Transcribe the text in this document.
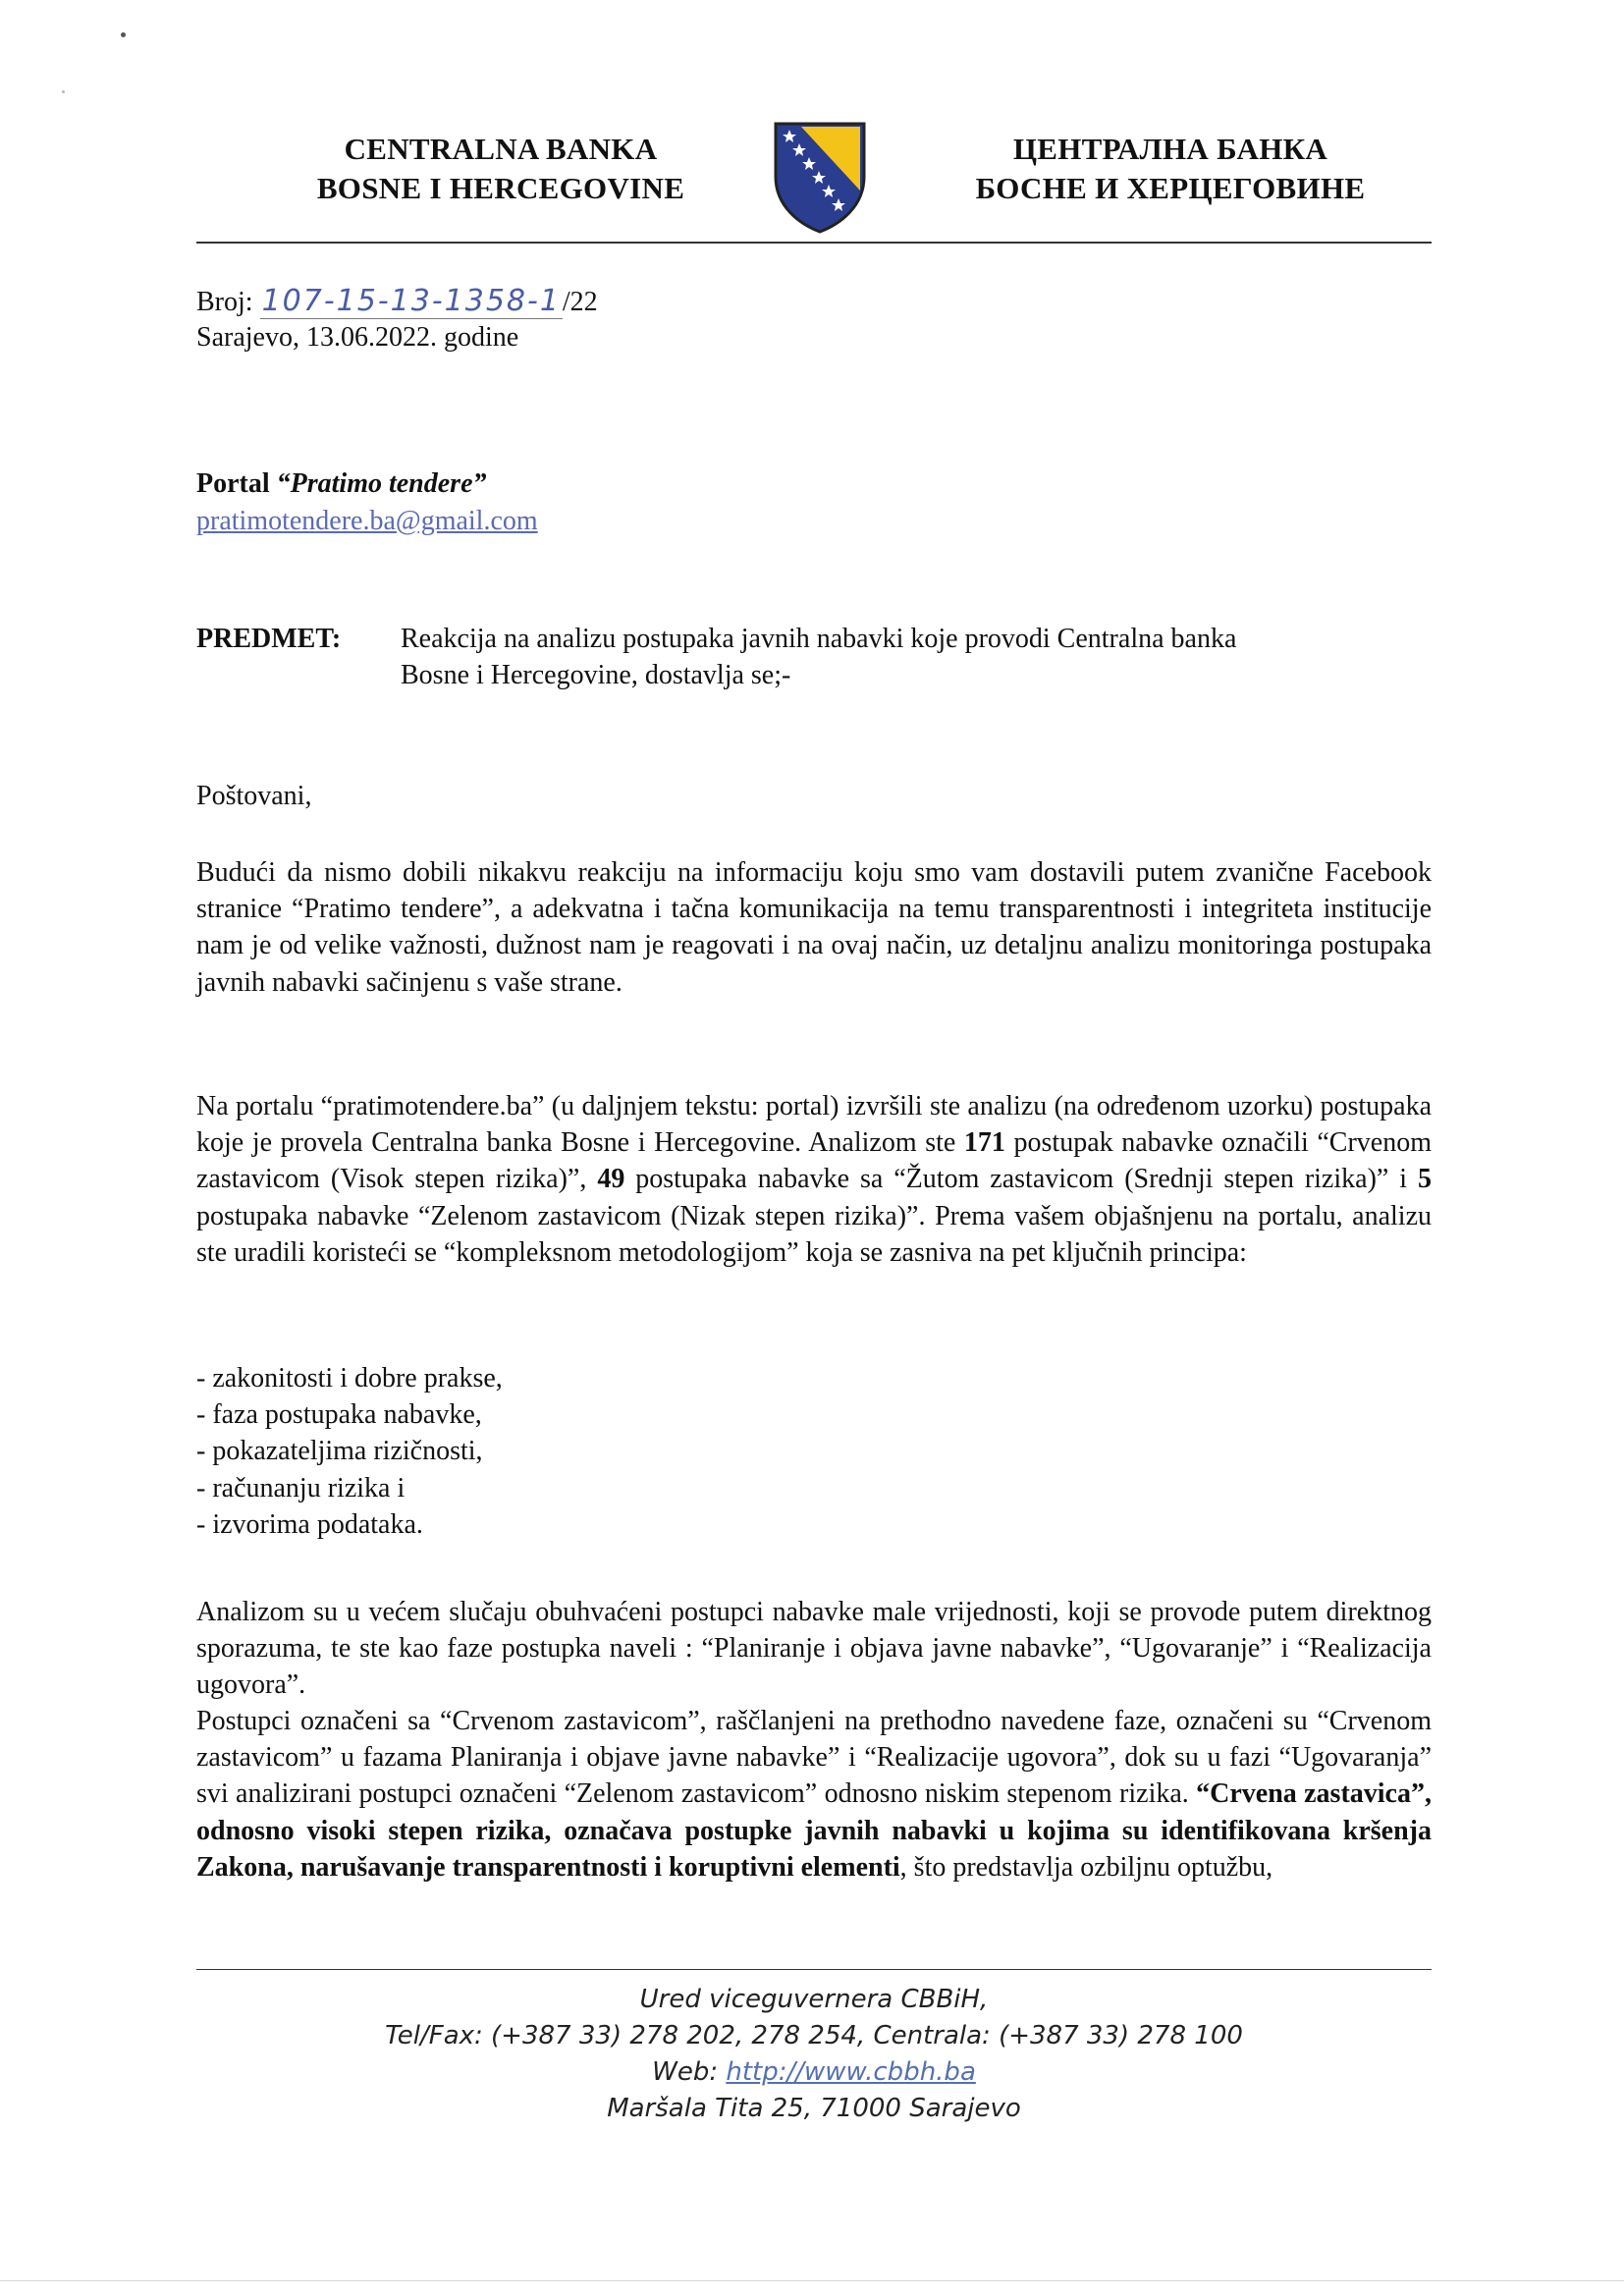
CENTRALNA BANKA
BOSNE I HERCEGOVINE
ЦЕНТРАЛНА БАНКА
БОСНЕ И ХЕРЦЕГОВИНЕ
Broj: 107-15-13-1358-1/22
Sarajevo, 13.06.2022. godine
Portal “Pratimo tendere”
pratimotendere.ba@gmail.com
PREDMET: Reakcija na analizu postupaka javnih nabavki koje provodi Centralna banka
Bosne i Hercegovine, dostavlja se;-
Poštovani,
Budući da nismo dobili nikakvu reakciju na informaciju koju smo vam dostavili putem zvanične Facebook stranice “Pratimo tendere”, a adekvatna i tačna komunikacija na temu transparentnosti i integriteta institucije nam je od velike važnosti, dužnost nam je reagovati i na ovaj način, uz detaljnu analizu monitoringa postupaka javnih nabavki sačinjenu s vaše strane.
Na portalu “pratimotendere.ba” (u daljnjem tekstu: portal) izvršili ste analizu (na određenom uzorku) postupaka koje je provela Centralna banka Bosne i Hercegovine. Analizom ste 171 postupak nabavke označili “Crvenom zastavicom (Visok stepen rizika)”, 49 postupaka nabavke sa “Žutom zastavicom (Srednji stepen rizika)” i 5 postupaka nabavke “Zelenom zastavicom (Nizak stepen rizika)”. Prema vašem objašnjenu na portalu, analizu ste uradili koristeći se “kompleksnom metodologijom” koja se zasniva na pet ključnih principa:
- zakonitosti i dobre prakse,
- faza postupaka nabavke,
- pokazateljima rizičnosti,
- računanju rizika i
- izvorima podataka.
Analizom su u većem slučaju obuhvaćeni postupci nabavke male vrijednosti, koji se provode putem direktnog sporazuma, te ste kao faze postupka naveli : “Planiranje i objava javne nabavke”, “Ugovaranje” i “Realizacija ugovora”.
Postupci označeni sa “Crvenom zastavicom”, raščlanjeni na prethodno navedene faze, označeni su “Crvenom zastavicom” u fazama Planiranja i objave javne nabavke” i “Realizacije ugovora”, dok su u fazi “Ugovaranja” svi analizirani postupci označeni “Zelenom zastavicom” odnosno niskim stepenom rizika. “Crvena zastavica”, odnosno visoki stepen rizika, označava postupke javnih nabavki u kojima su identifikovana kršenja Zakona, narušavanje transparentnosti i koruptivni elementi, što predstavlja ozbiljnu optužbu,
Ured viceguvernera CBBiH,
Tel/Fax: (+387 33) 278 202, 278 254, Centrala: (+387 33) 278 100
Web: http://www.cbbh.ba
Maršala Tita 25, 71000 Sarajevo
